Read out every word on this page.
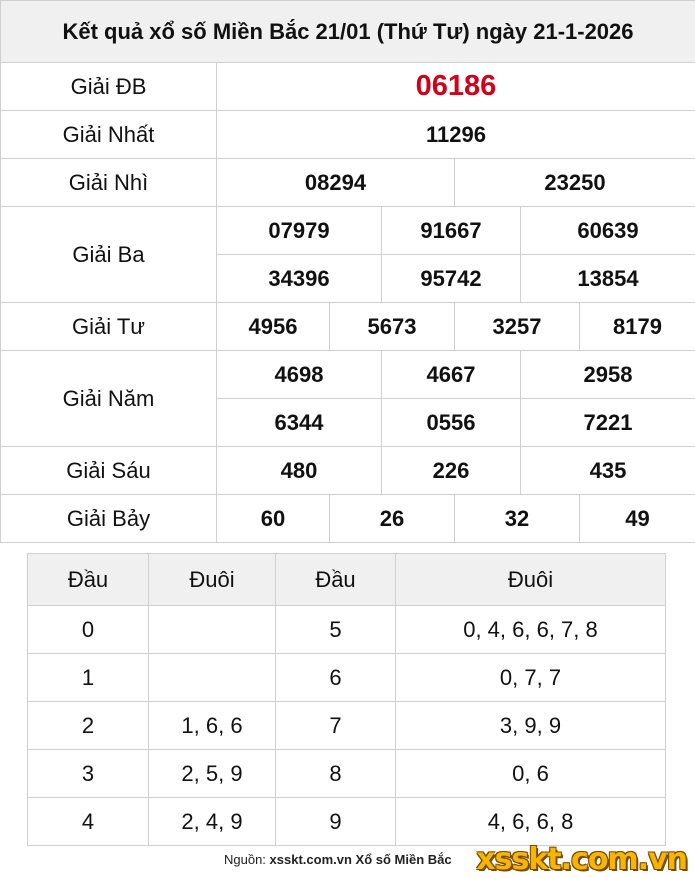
Kết quả xổ số Miền Bắc 21/01 (Thứ Tư) ngày 21-1-2026						
Giải ĐB	06186					
Giải Nhất	11296					
Giải Nhì	08294			23250		
Giải Ba	07979		91667		60639	
	34396		95742		13854	
Giải Tư	4956	5673		3257		8179
Giải Năm	4698		4667		2958	
	6344		0556		7221	
Giải Sáu	480		226		435	
Giải Bảy	60	26		32		49
Đầu	Đuôi	Đầu	Đuôi
0		5	0, 4, 6, 6, 7, 8
1		6	0, 7, 7
2	1, 6, 6	7	3, 9, 9
3	2, 5, 9	8	0, 6
4	2, 4, 9	9	4, 6, 6, 8
Nguồn: xsskt.com.vn Xổ số Miền Bắc xsskt.com.vn
